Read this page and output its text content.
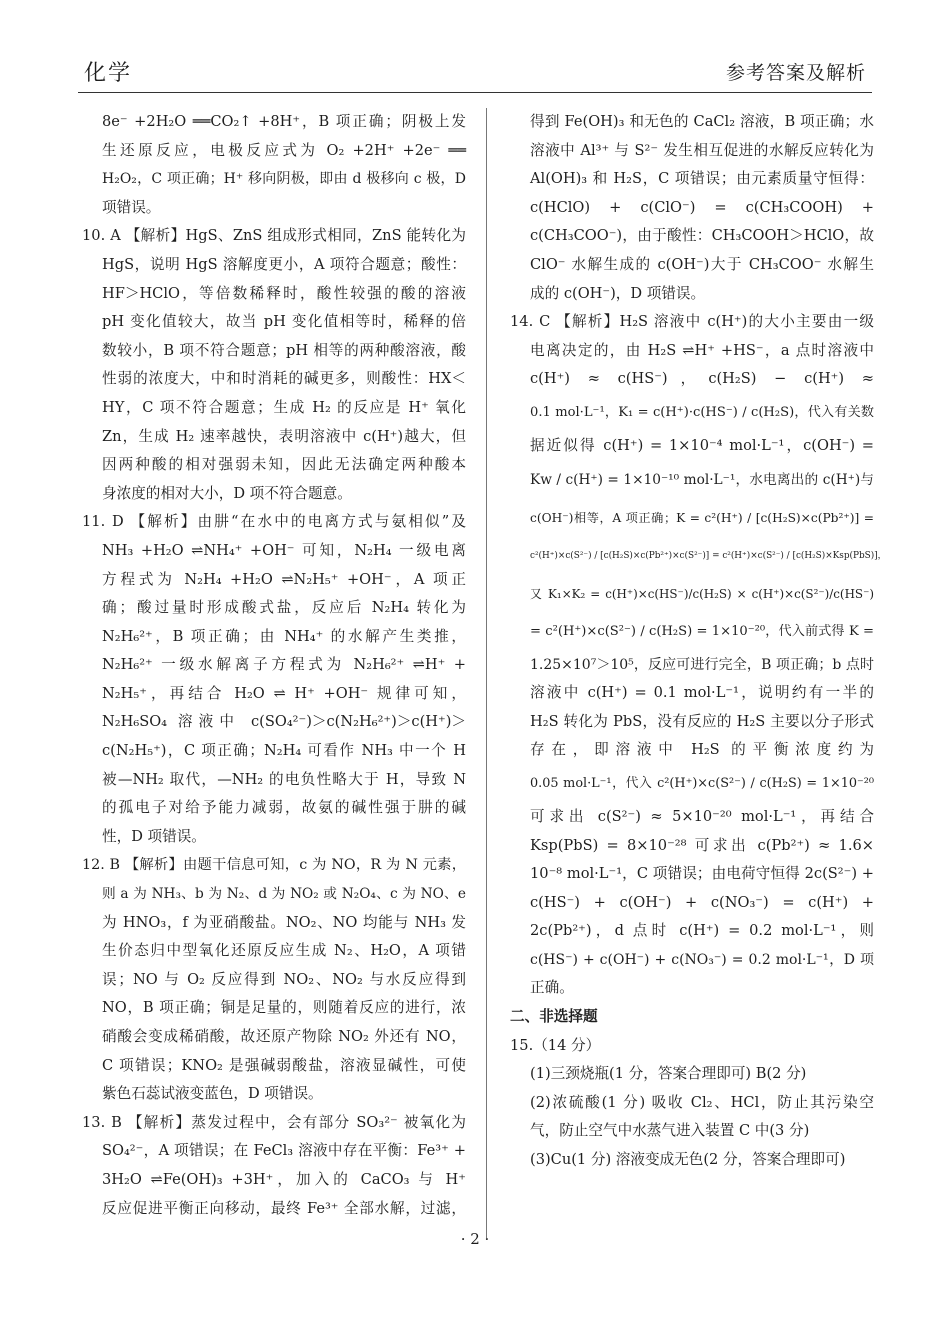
化学	参考答案及解析
8e⁻ +2H₂O ══CO₂↑ +8H⁺，B 项正确；阴极上发
生还原反应，电极反应式为 O₂ +2H⁺ +2e⁻ ══
H₂O₂，C 项正确；H⁺ 移向阴极，即由 d 极移向 c 极，D
项错误。
10. A 【解析】HgS、ZnS 组成形式相同，ZnS 能转化为
HgS，说明 HgS 溶解度更小，A 项符合题意；酸性：
HF＞HClO，等倍数稀释时，酸性较强的酸的溶液
pH 变化值较大，故当 pH 变化值相等时，稀释的倍
数较小，B 项不符合题意；pH 相等的两种酸溶液，酸
性弱的浓度大，中和时消耗的碱更多，则酸性：HX＜
HY，C 项不符合题意；生成 H₂ 的反应是 H⁺ 氧化
Zn，生成 H₂ 速率越快，表明溶液中 c(H⁺)越大，但
因两种酸的相对强弱未知，因此无法确定两种酸本
身浓度的相对大小，D 项不符合题意。
11. D 【解析】由肼“在水中的电离方式与氨相似”及
NH₃ +H₂O ⇌NH₄⁺ +OH⁻ 可知，N₂H₄ 一级电离
方程式为 N₂H₄ +H₂O ⇌N₂H₅⁺ +OH⁻，A 项正
确；酸过量时形成酸式盐，反应后 N₂H₄ 转化为
N₂H₆²⁺，B 项正确；由 NH₄⁺ 的水解产生类推，
N₂H₆²⁺ 一级水解离子方程式为 N₂H₆²⁺ ⇌H⁺ +
N₂H₅⁺，再结合 H₂O ⇌ H⁺ +OH⁻ 规律可知，
N₂H₆SO₄ 溶液中 c(SO₄²⁻)＞c(N₂H₆²⁺)＞c(H⁺)＞
c(N₂H₅⁺)，C 项正确；N₂H₄ 可看作 NH₃ 中一个 H
被—NH₂ 取代，—NH₂ 的电负性略大于 H，导致 N
的孤电子对给予能力减弱，故氨的碱性强于肼的碱
性，D 项错误。
12. B 【解析】由题干信息可知，c 为 NO，R 为 N 元素，
则 a 为 NH₃、b 为 N₂、d 为 NO₂ 或 N₂O₄、c 为 NO、e
为 HNO₃，f 为亚硝酸盐。NO₂、NO 均能与 NH₃ 发
生价态归中型氧化还原反应生成 N₂、H₂O，A 项错
误；NO 与 O₂ 反应得到 NO₂、NO₂ 与水反应得到
NO，B 项正确；铜是足量的，则随着反应的进行，浓
硝酸会变成稀硝酸，故还原产物除 NO₂ 外还有 NO，
C 项错误；KNO₂ 是强碱弱酸盐，溶液显碱性，可使
紫色石蕊试液变蓝色，D 项错误。
13. B 【解析】蒸发过程中，会有部分 SO₃²⁻ 被氧化为
SO₄²⁻，A 项错误；在 FeCl₃ 溶液中存在平衡：Fe³⁺ +
3H₂O ⇌Fe(OH)₃ +3H⁺，加入的 CaCO₃ 与 H⁺
反应促进平衡正向移动，最终 Fe³⁺ 全部水解，过滤，
得到 Fe(OH)₃ 和无色的 CaCl₂ 溶液，B 项正确；水
溶液中 Al³⁺ 与 S²⁻ 发生相互促进的水解反应转化为
Al(OH)₃ 和 H₂S，C 项错误；由元素质量守恒得：
c(HClO) + c(ClO⁻) = c(CH₃COOH) +
c(CH₃COO⁻)，由于酸性：CH₃COOH＞HClO，故
ClO⁻ 水解生成的 c(OH⁻)大于 CH₃COO⁻ 水解生
成的 c(OH⁻)，D 项错误。
14. C 【解析】H₂S 溶液中 c(H⁺)的大小主要由一级
电离决定的，由 H₂S ⇌H⁺ +HS⁻，a 点时溶液中
c(H⁺) ≈ c(HS⁻)，c(H₂S) − c(H⁺) ≈
0.1 mol·L⁻¹，K₁ = c(H⁺)·c(HS⁻) / c(H₂S)，代入有关数
据近似得 c(H⁺) = 1×10⁻⁴ mol·L⁻¹，c(OH⁻) =
Kw / c(H⁺) = 1×10⁻¹⁰ mol·L⁻¹，水电离出的 c(H⁺)与
c(OH⁻)相等，A 项正确；K = c²(H⁺) / [c(H₂S)×c(Pb²⁺)] =
c²(H⁺)×c(S²⁻) / [c(H₂S)×c(Pb²⁺)×c(S²⁻)] = c²(H⁺)×c(S²⁻) / [c(H₂S)×Ksp(PbS)]，
又 K₁×K₂ = c(H⁺)×c(HS⁻)/c(H₂S) × c(H⁺)×c(S²⁻)/c(HS⁻)
= c²(H⁺)×c(S²⁻) / c(H₂S) = 1×10⁻²⁰，代入前式得 K =
1.25×10⁷＞10⁵，反应可进行完全，B 项正确；b 点时
溶液中 c(H⁺) = 0.1 mol·L⁻¹，说明约有一半的
H₂S 转化为 PbS，没有反应的 H₂S 主要以分子形式
存在，即溶液中 H₂S 的平衡浓度约为
0.05 mol·L⁻¹，代入 c²(H⁺)×c(S²⁻) / c(H₂S) = 1×10⁻²⁰
可求出 c(S²⁻) ≈ 5×10⁻²⁰ mol·L⁻¹，再结合
Ksp(PbS) = 8×10⁻²⁸ 可求出 c(Pb²⁺) ≈ 1.6×
10⁻⁸ mol·L⁻¹，C 项错误；由电荷守恒得 2c(S²⁻) +
c(HS⁻) + c(OH⁻) + c(NO₃⁻) = c(H⁺) +
2c(Pb²⁺)，d 点时 c(H⁺) = 0.2 mol·L⁻¹，则
c(HS⁻) + c(OH⁻) + c(NO₃⁻) = 0.2 mol·L⁻¹，D 项
正确。
二、非选择题
15.（14 分）
(1)三颈烧瓶(1 分，答案合理即可) B(2 分)
(2)浓硫酸(1 分) 吸收 Cl₂、HCl，防止其污染空
气，防止空气中水蒸气进入装置 C 中(3 分)
(3)Cu(1 分) 溶液变成无色(2 分，答案合理即可)
· 2 ·
